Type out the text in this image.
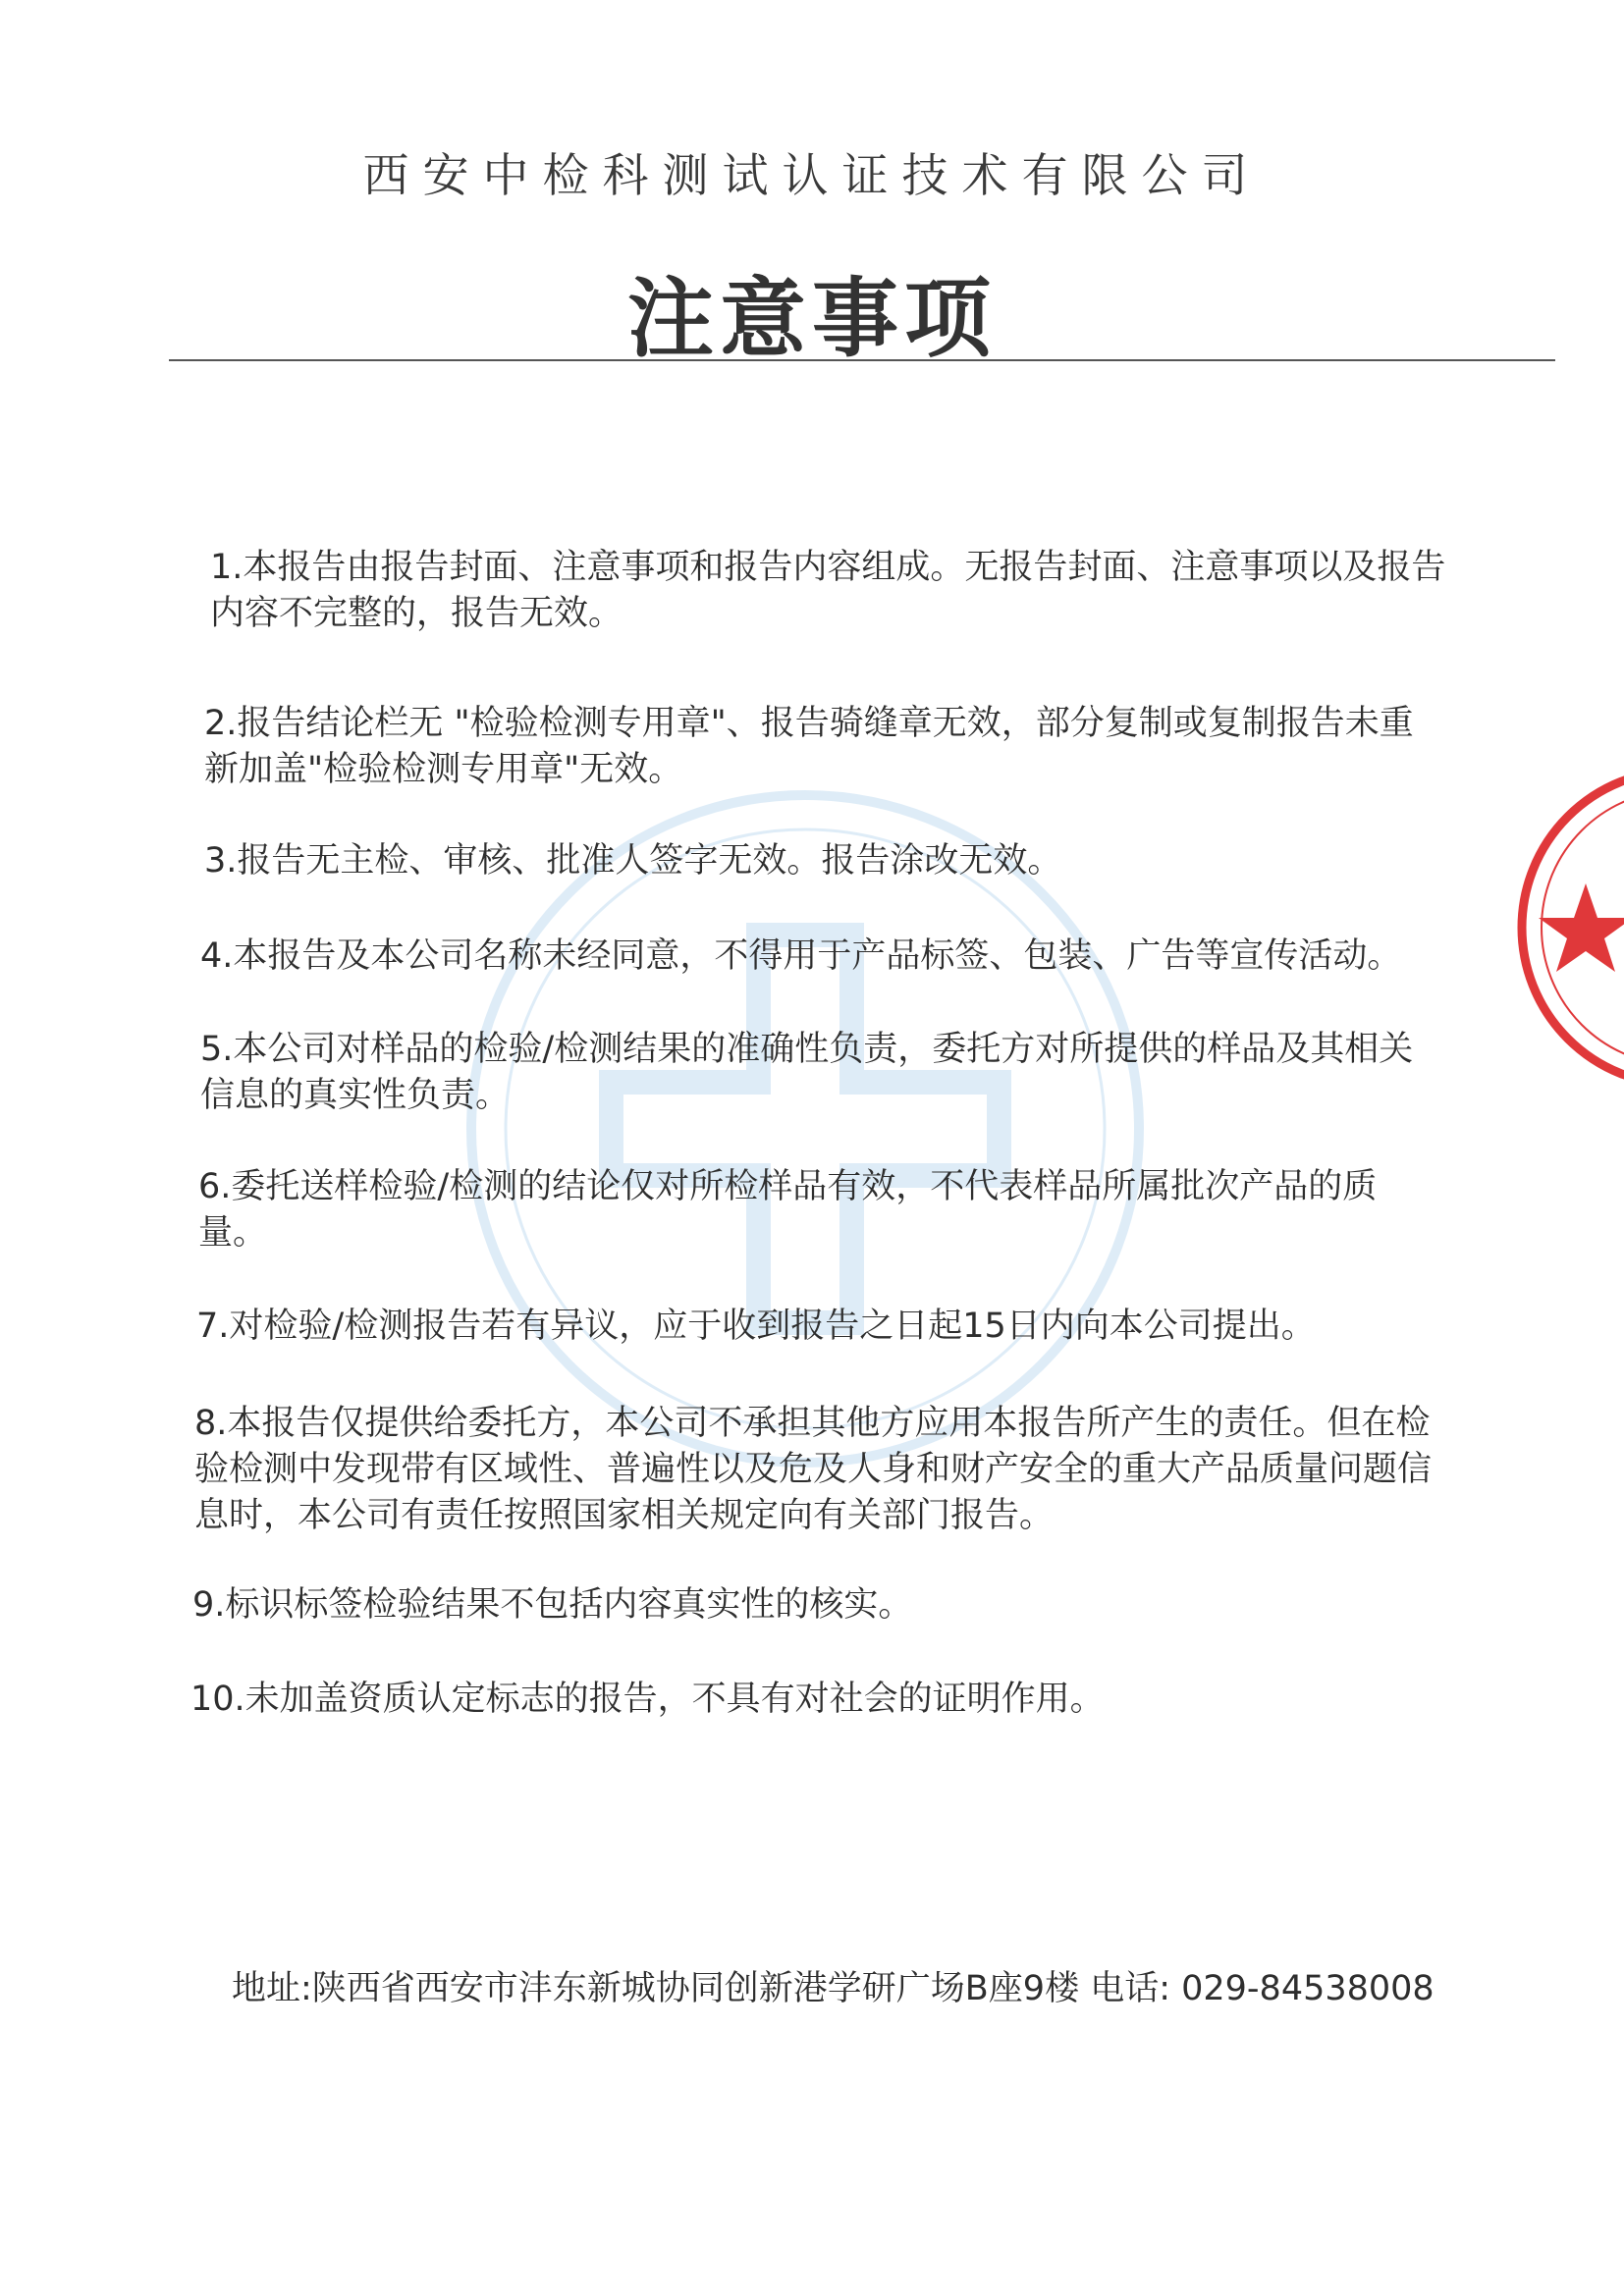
西安中检科测试认证技术有限公司
注意事项
1.本报告由报告封面、注意事项和报告内容组成。无报告封面、注意事项以及报告内容不完整的，报告无效。
2.报告结论栏无 "检验检测专用章"、报告骑缝章无效，部分复制或复制报告未重新加盖"检验检测专用章"无效。
3.报告无主检、审核、批准人签字无效。报告涂改无效。
4.本报告及本公司名称未经同意，不得用于产品标签、包装、广告等宣传活动。
5.本公司对样品的检验/检测结果的准确性负责，委托方对所提供的样品及其相关信息的真实性负责。
6.委托送样检验/检测的结论仅对所检样品有效，不代表样品所属批次产品的质量。
7.对检验/检测报告若有异议，应于收到报告之日起15日内向本公司提出。
8.本报告仅提供给委托方，本公司不承担其他方应用本报告所产生的责任。但在检验检测中发现带有区域性、普遍性以及危及人身和财产安全的重大产品质量问题信息时，本公司有责任按照国家相关规定向有关部门报告。
9.标识标签检验结果不包括内容真实性的核实。
10.未加盖资质认定标志的报告，不具有对社会的证明作用。
地址:陕西省西安市沣东新城协同创新港学研广场B座9楼 电话: 029-84538008
